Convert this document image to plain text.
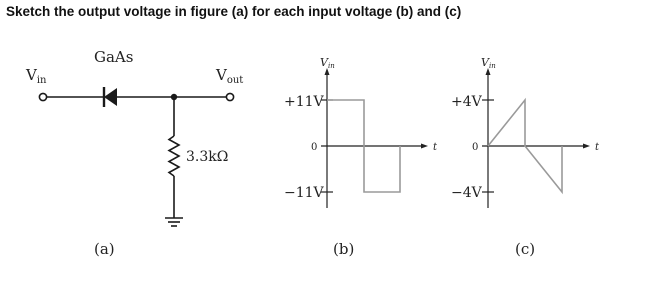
Sketch the output voltage in figure (a) for each input voltage (b) and (c)
$V_{in}$
GaAs
$V_{out}$
3.3kΩ
(a)
Vin
t
+11V
0
−11V
(b)
Vin
t
+4V
0
−4V
(c)
